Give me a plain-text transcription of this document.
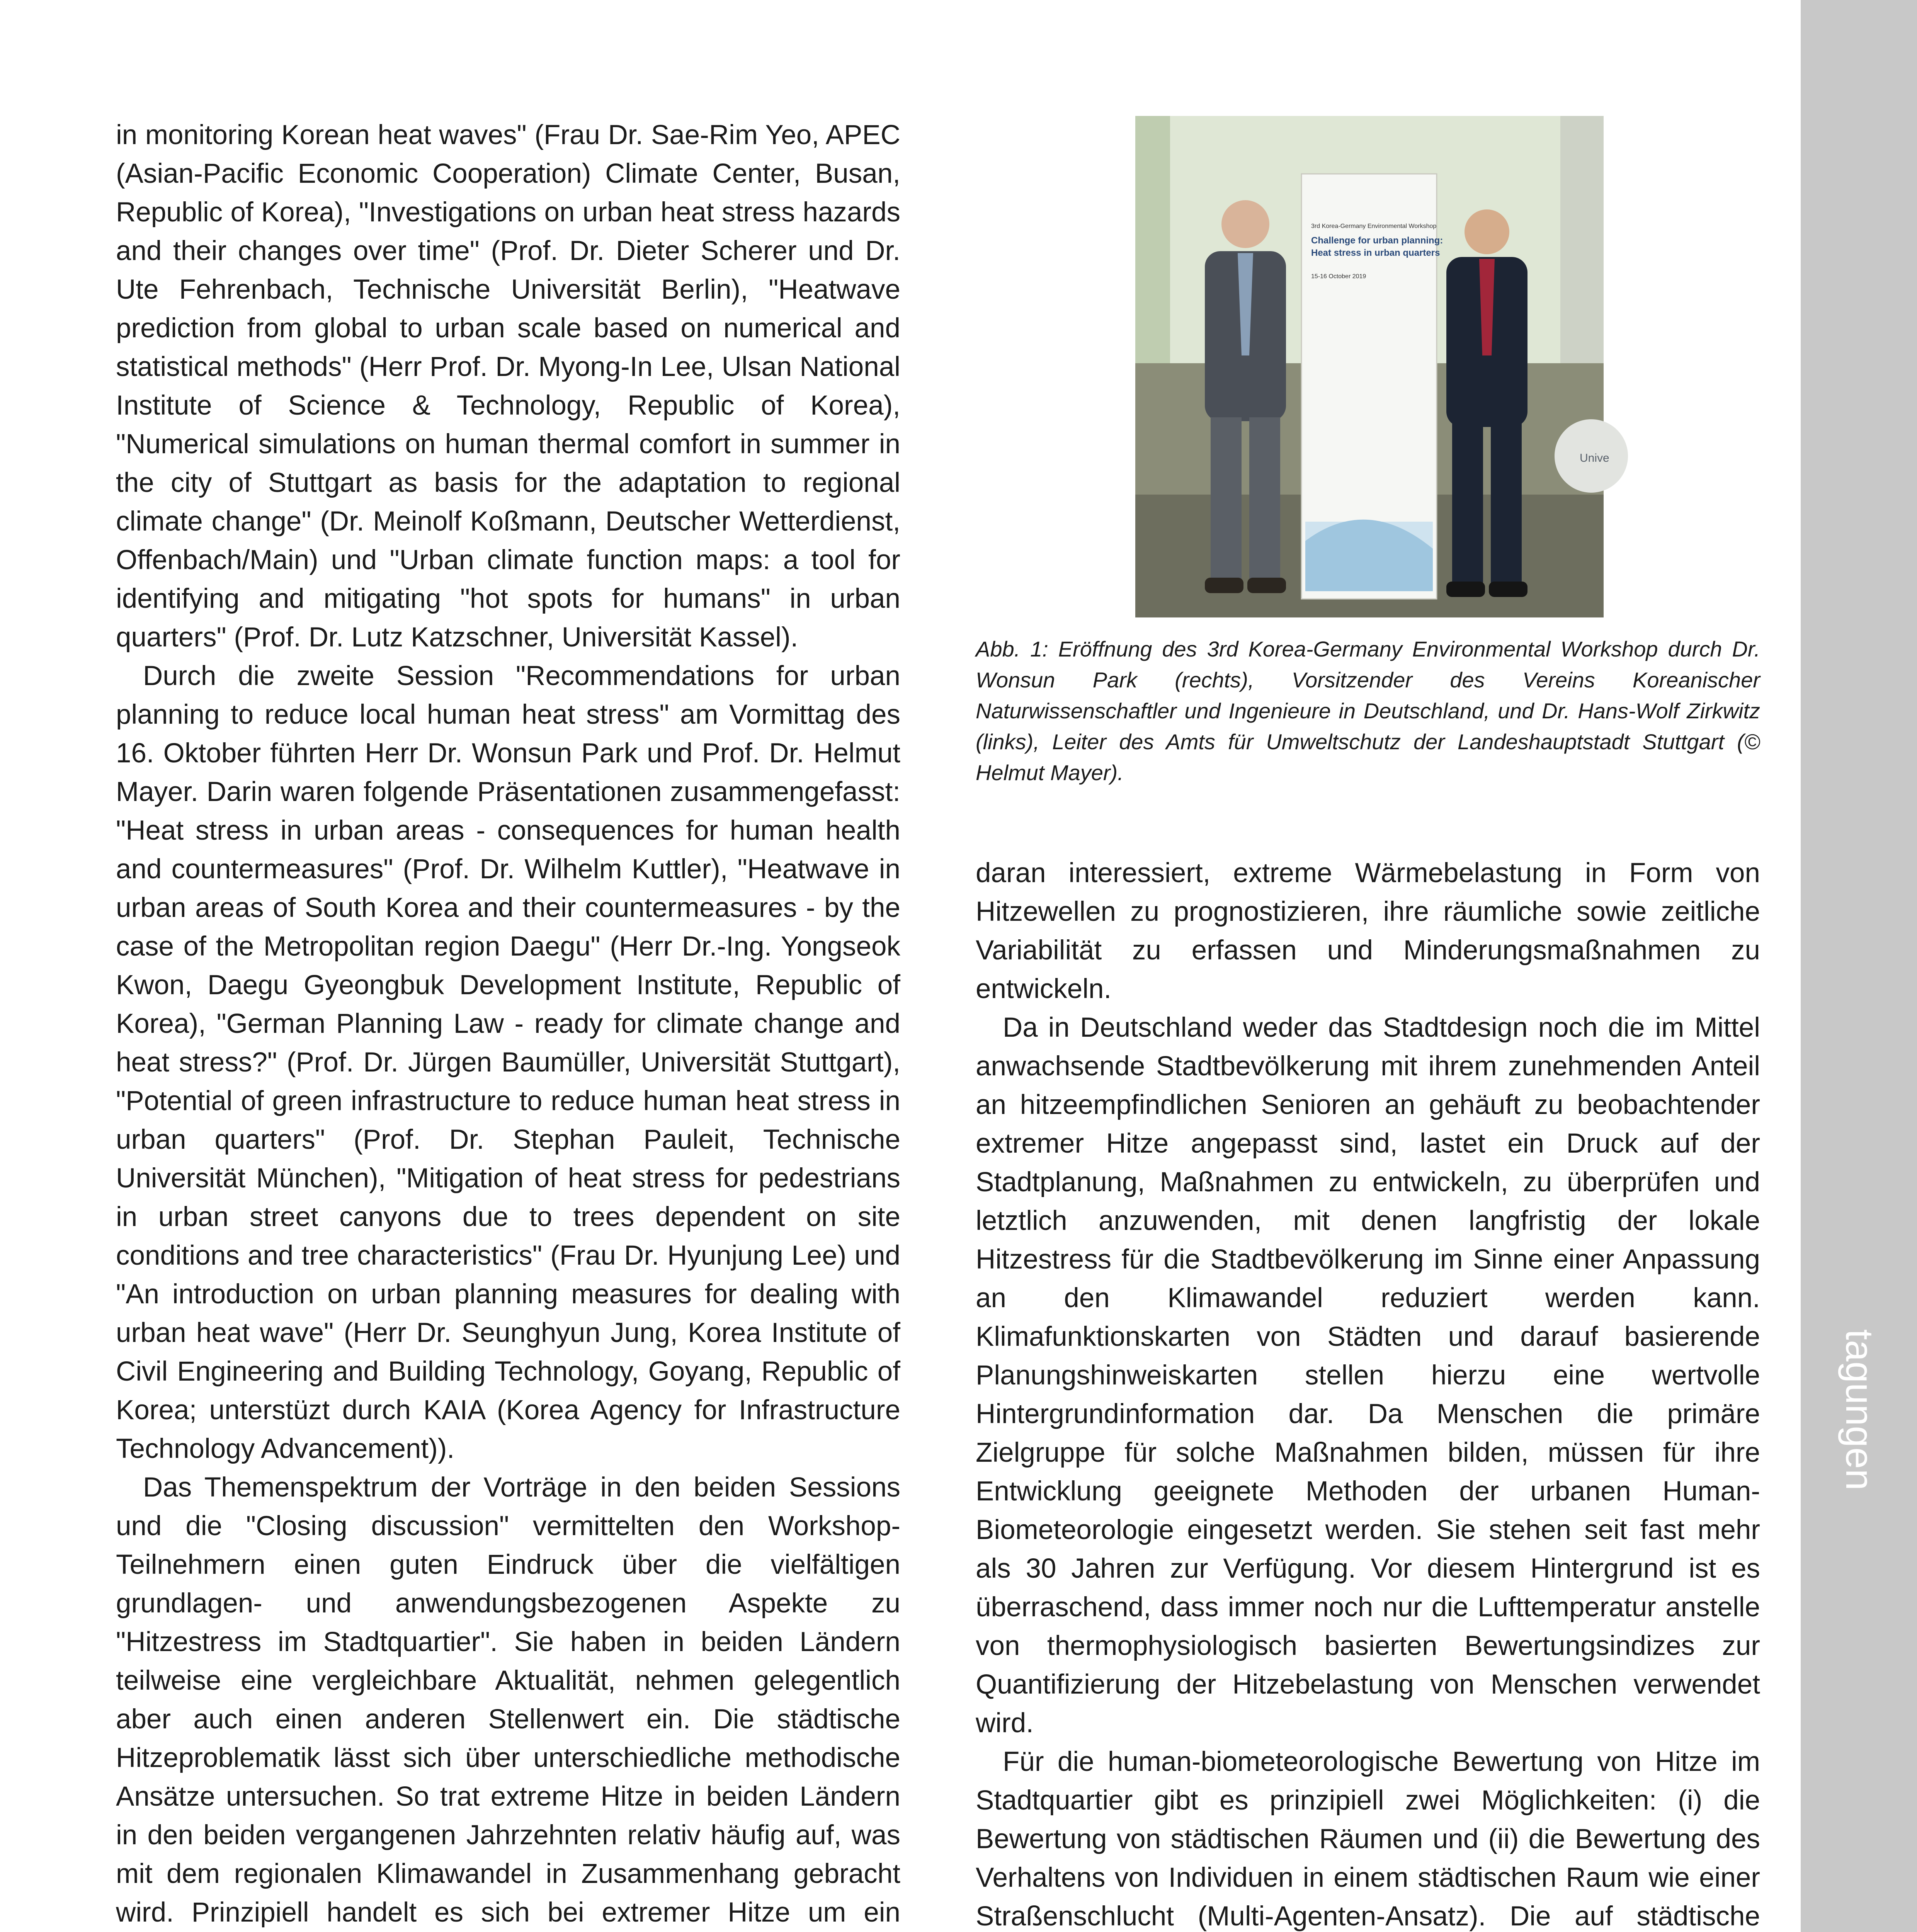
in monitoring Korean heat waves" (Frau Dr. Sae-Rim Yeo, APEC (Asian-Pacific Economic Cooperation) Climate Center, Busan, Republic of Korea), "Investigations on urban heat stress hazards and their changes over time" (Prof. Dr. Dieter Scherer und Dr. Ute Fehrenbach, Technische Universität Berlin), "Heatwave prediction from global to urban scale based on numerical and statistical methods" (Herr Prof. Dr. Myong-In Lee, Ulsan National Institute of Science & Technology, Republic of Korea), "Numerical simulations on human thermal comfort in summer in the city of Stuttgart as basis for the adaptation to regional climate change" (Dr. Meinolf Koßmann, Deutscher Wetterdienst, Offenbach/Main) und "Urban climate function maps: a tool for identifying and mitigating "hot spots for humans" in urban quarters" (Prof. Dr. Lutz Katzschner, Universität Kassel).

Durch die zweite Session "Recommendations for urban planning to reduce local human heat stress" am Vormittag des 16. Oktober führten Herr Dr. Wonsun Park und Prof. Dr. Helmut Mayer. Darin waren folgende Präsentationen zusammengefasst: "Heat stress in urban areas - consequences for human health and countermeasures" (Prof. Dr. Wilhelm Kuttler), "Heatwave in urban areas of South Korea and their countermeasures - by the case of the Metropolitan region Daegu" (Herr Dr.-Ing. Yongseok Kwon, Daegu Gyeongbuk Development Institute, Republic of Korea), "German Planning Law - ready for climate change and heat stress?" (Prof. Dr. Jürgen Baumüller, Universität Stuttgart), "Potential of green infrastructure to reduce human heat stress in urban quarters" (Prof. Dr. Stephan Pauleit, Technische Universität München), "Mitigation of heat stress for pedestrians in urban street canyons due to trees dependent on site conditions and tree characteristics" (Frau Dr. Hyunjung Lee) und "An introduction on urban planning measures for dealing with urban heat wave" (Herr Dr. Seunghyun Jung, Korea Institute of Civil Engineering and Building Technology, Goyang, Republic of Korea; unterstüzt durch KAIA (Korea Agency for Infrastructure Technology Advancement)).

Das Themenspektrum der Vorträge in den beiden Sessions und die "Closing discussion" vermittelten den Workshop-Teilnehmern einen guten Eindruck über die vielfältigen grundlagen- und anwendungsbezogenen Aspekte zu "Hitzestress im Stadtquartier". Sie haben in beiden Ländern teilweise eine vergleichbare Aktualität, nehmen gelegentlich aber auch einen anderen Stellenwert ein. Die städtische Hitzeproblematik lässt sich über unterschiedliche methodische Ansätze untersuchen. So trat extreme Hitze in beiden Ländern in den beiden vergangenen Jahrzehnten relativ häufig auf, was mit dem regionalen Klimawandel in Zusammenhang gebracht wird. Prinzipiell handelt es sich bei extremer Hitze um ein

Unive
3rd Korea-Germany Environmental Workshop
Challenge for urban planning:
Heat stress in urban quarters
15-16 October 2019
Abb. 1: Eröffnung des 3rd Korea-Germany Environmental Workshop durch Dr. Wonsun Park (rechts), Vorsitzender des Vereins Koreanischer Naturwissenschaftler und Ingenieure in Deutschland, und Dr. Hans-Wolf Zirkwitz (links), Leiter des Amts für Umweltschutz der Landeshauptstadt Stuttgart (© Helmut Mayer).

daran interessiert, extreme Wärmebelastung in Form von Hitzewellen zu prognostizieren, ihre räumliche sowie zeitliche Variabilität zu erfassen und Minderungsmaßnahmen zu entwickeln.

Da in Deutschland weder das Stadtdesign noch die im Mittel anwachsende Stadtbevölkerung mit ihrem zunehmenden Anteil an hitzeempfindlichen Senioren an gehäuft zu beobachtender extremer Hitze angepasst sind, lastet ein Druck auf der Stadtplanung, Maßnahmen zu entwickeln, zu überprüfen und letztlich anzuwenden, mit denen langfristig der lokale Hitzestress für die Stadtbevölkerung im Sinne einer Anpassung an den Klimawandel reduziert werden kann. Klimafunktionskarten von Städten und darauf basierende Planungshinweiskarten stellen hierzu eine wertvolle Hintergrundinformation dar. Da Menschen die primäre Zielgruppe für solche Maßnahmen bilden, müssen für ihre Entwicklung geeignete Methoden der urbanen Human-Biometeorologie eingesetzt werden. Sie stehen seit fast mehr als 30 Jahren zur Verfügung. Vor diesem Hintergrund ist es überraschend, dass immer noch nur die Lufttemperatur anstelle von thermophysiologisch basierten Bewertungsindizes zur Quantifizierung der Hitzebelastung von Menschen verwendet wird.

Für die human-biometeorologische Bewertung von Hitze im Stadtquartier gibt es prinzipiell zwei Möglichkeiten: (i) die Bewertung von städtischen Räumen und (ii) die Bewertung des Verhaltens von Individuen in einem städtischen Raum wie einer Straßenschlucht (Multi-Agenten-Ansatz). Die auf städtische

tagungen
